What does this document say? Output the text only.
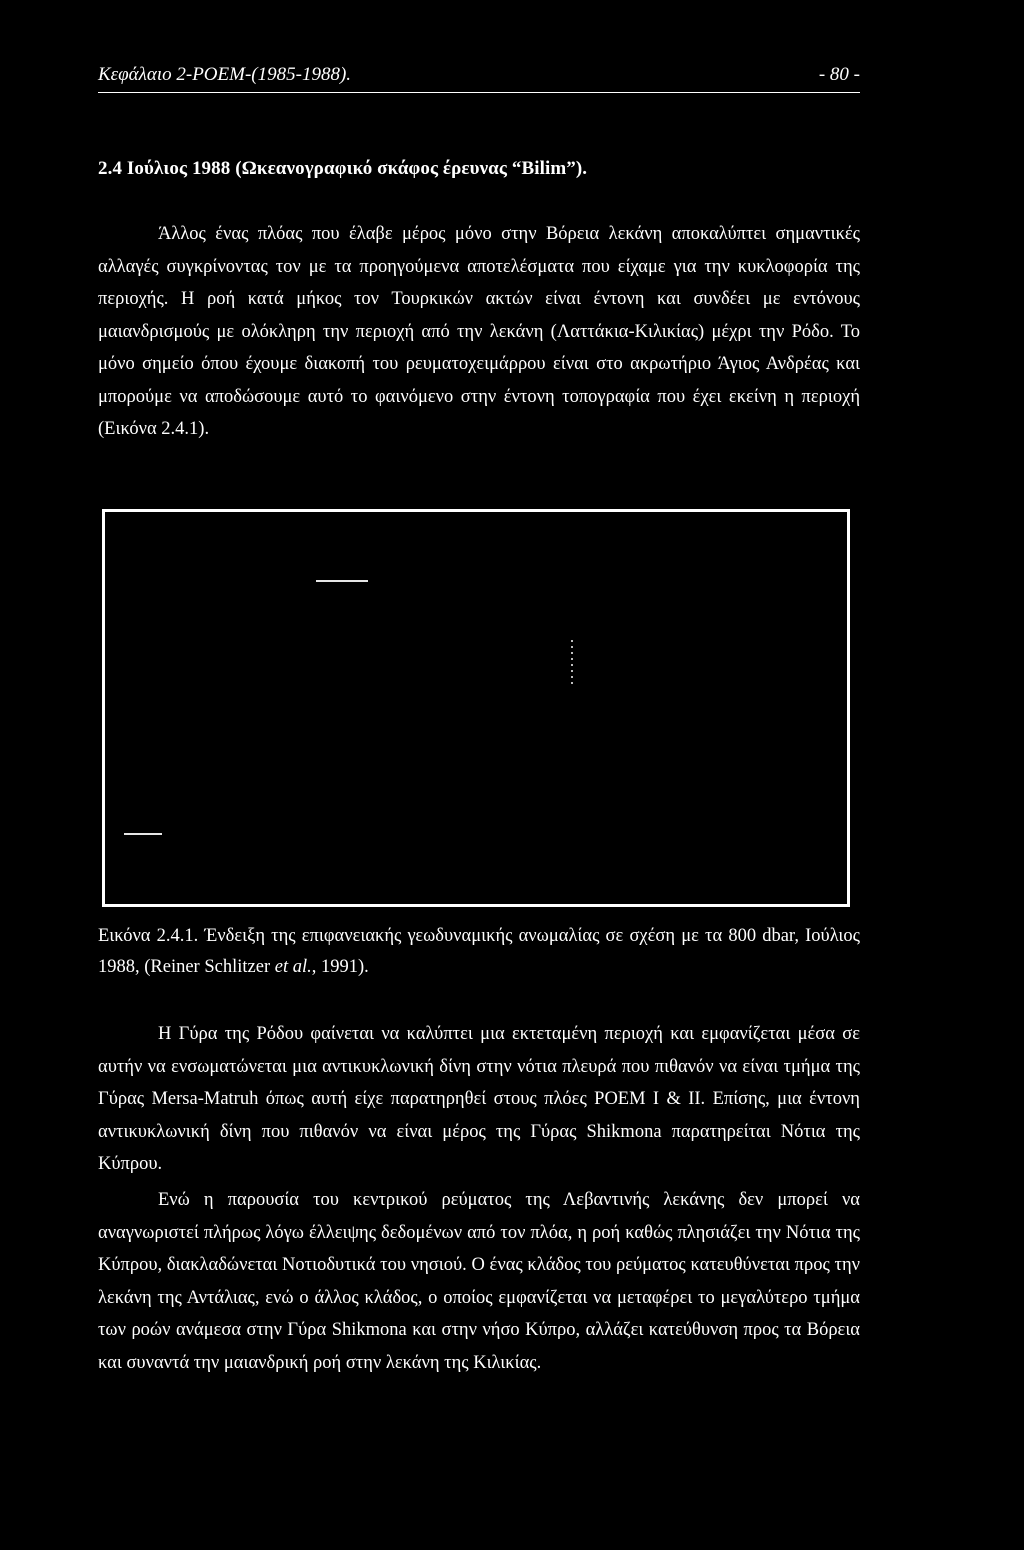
Κεφάλαιο 2-POEM-(1985-1988).	- 80 -
2.4 Ιούλιος 1988 (Ωκεανογραφικό σκάφος έρευνας “Bilim”).

Άλλος ένας πλόας που έλαβε μέρος μόνο στην Βόρεια λεκάνη αποκαλύπτει σημαντικές αλλαγές συγκρίνοντας τον με τα προηγούμενα αποτελέσματα που είχαμε για την κυκλοφορία της περιοχής. Η ροή κατά μήκος τον Τουρκικών ακτών είναι έντονη και συνδέει με εντόνους μαιανδρισμούς με ολόκληρη την περιοχή από την λεκάνη (Λαττάκια-Κιλικίας) μέχρι την Ρόδο. Το μόνο σημείο όπου έχουμε διακοπή του ρευματοχειμάρρου είναι στο ακρωτήριο Άγιος Ανδρέας και μπορούμε να αποδώσουμε αυτό το φαινόμενο στην έντονη τοπογραφία που έχει εκείνη η περιοχή (Εικόνα 2.4.1).

Εικόνα 2.4.1. Ένδειξη της επιφανειακής γεωδυναμικής ανωμαλίας σε σχέση με τα 800 dbar, Ιούλιος 1988, (Reiner Schlitzer et al., 1991).

Η Γύρα της Ρόδου φαίνεται να καλύπτει μια εκτεταμένη περιοχή και εμφανίζεται μέσα σε αυτήν να ενσωματώνεται μια αντικυκλωνική δίνη στην νότια πλευρά που πιθανόν να είναι τμήμα της Γύρας Mersa-Matruh όπως αυτή είχε παρατηρηθεί στους πλόες POEM I & II. Επίσης, μια έντονη αντικυκλωνική δίνη που πιθανόν να είναι μέρος της Γύρας Shikmona παρατηρείται Νότια της Κύπρου.

Ενώ η παρουσία του κεντρικού ρεύματος της Λεβαντινής λεκάνης δεν μπορεί να αναγνωριστεί πλήρως λόγω έλλειψης δεδομένων από τον πλόα, η ροή καθώς πλησιάζει την Νότια της Κύπρου, διακλαδώνεται Νοτιοδυτικά του νησιού. Ο ένας κλάδος του ρεύματος κατευθύνεται προς την λεκάνη της Αντάλιας, ενώ ο άλλος κλάδος, ο οποίος εμφανίζεται να μεταφέρει το μεγαλύτερο τμήμα των ροών ανάμεσα στην Γύρα Shikmona και στην νήσο Κύπρο, αλλάζει κατεύθυνση προς τα Βόρεια και συναντά την μαιανδρική ροή στην λεκάνη της Κιλικίας.
